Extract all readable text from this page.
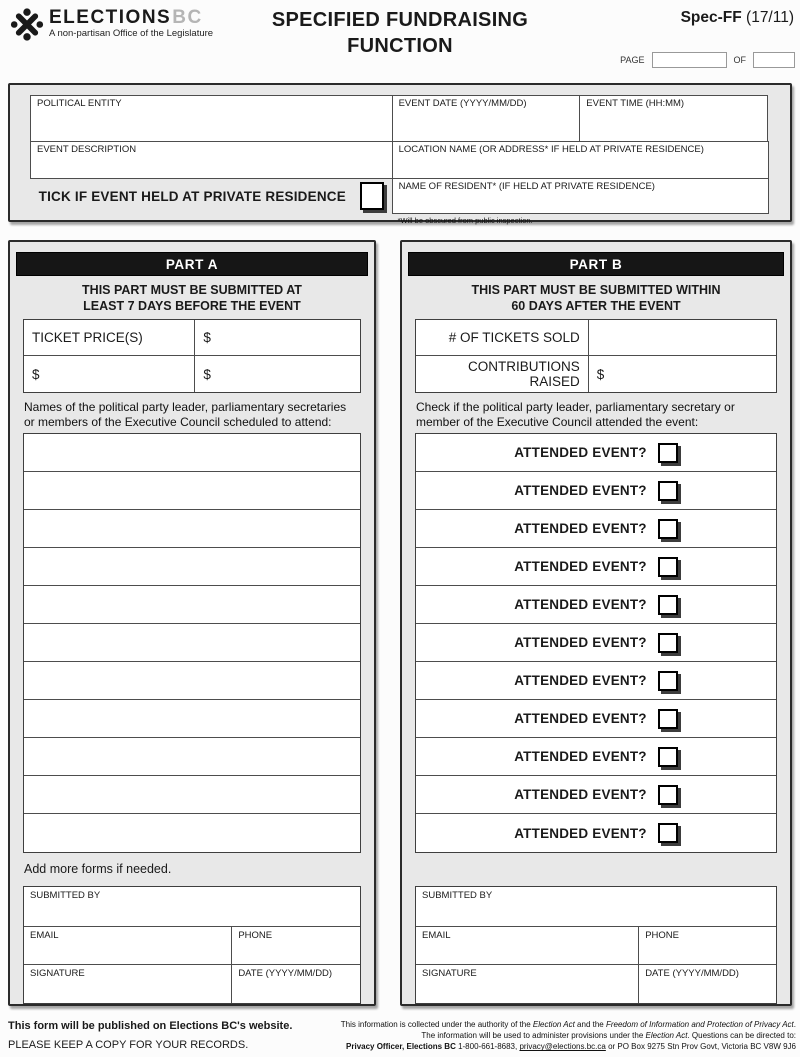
ELECTIONSBC
A non-partisan Office of the Legislature
SPECIFIED FUNDRAISING
FUNCTION
Spec-FF (17/11)
PAGE	OF
POLITICAL ENTITY	EVENT DATE (YYYY/MM/DD)	EVENT TIME (HH:MM)
EVENT DESCRIPTION	LOCATION NAME (OR ADDRESS* IF HELD AT PRIVATE RESIDENCE)
TICK IF EVENT HELD AT PRIVATE RESIDENCE
NAME OF RESIDENT* (IF HELD AT PRIVATE RESIDENCE)
*Will be obscured from public inspection.
PART A
THIS PART MUST BE SUBMITTED AT
LEAST 7 DAYS BEFORE THE EVENT
TICKET PRICE(S)	$
$	$
Names of the political party leader, parliamentary secretaries or members of the Executive Council scheduled to attend:
Add more forms if needed.
SUBMITTED BY
EMAIL	PHONE
SIGNATURE	DATE (YYYY/MM/DD)
PART B
THIS PART MUST BE SUBMITTED WITHIN
60 DAYS AFTER THE EVENT
# OF TICKETS SOLD
CONTRIBUTIONS RAISED	$
Check if the political party leader, parliamentary secretary or member of the Executive Council attended the event:
ATTENDED EVENT?
ATTENDED EVENT?
ATTENDED EVENT?
ATTENDED EVENT?
ATTENDED EVENT?
ATTENDED EVENT?
ATTENDED EVENT?
ATTENDED EVENT?
ATTENDED EVENT?
ATTENDED EVENT?
ATTENDED EVENT?
SUBMITTED BY
EMAIL	PHONE
SIGNATURE	DATE (YYYY/MM/DD)
This form will be published on Elections BC's website.
PLEASE KEEP A COPY FOR YOUR RECORDS.
This information is collected under the authority of the Election Act and the Freedom of Information and Protection of Privacy Act.
The information will be used to administer provisions under the Election Act. Questions can be directed to:
Privacy Officer, Elections BC 1-800-661-8683, privacy@elections.bc.ca or PO Box 9275 Stn Prov Govt, Victoria BC V8W 9J6
